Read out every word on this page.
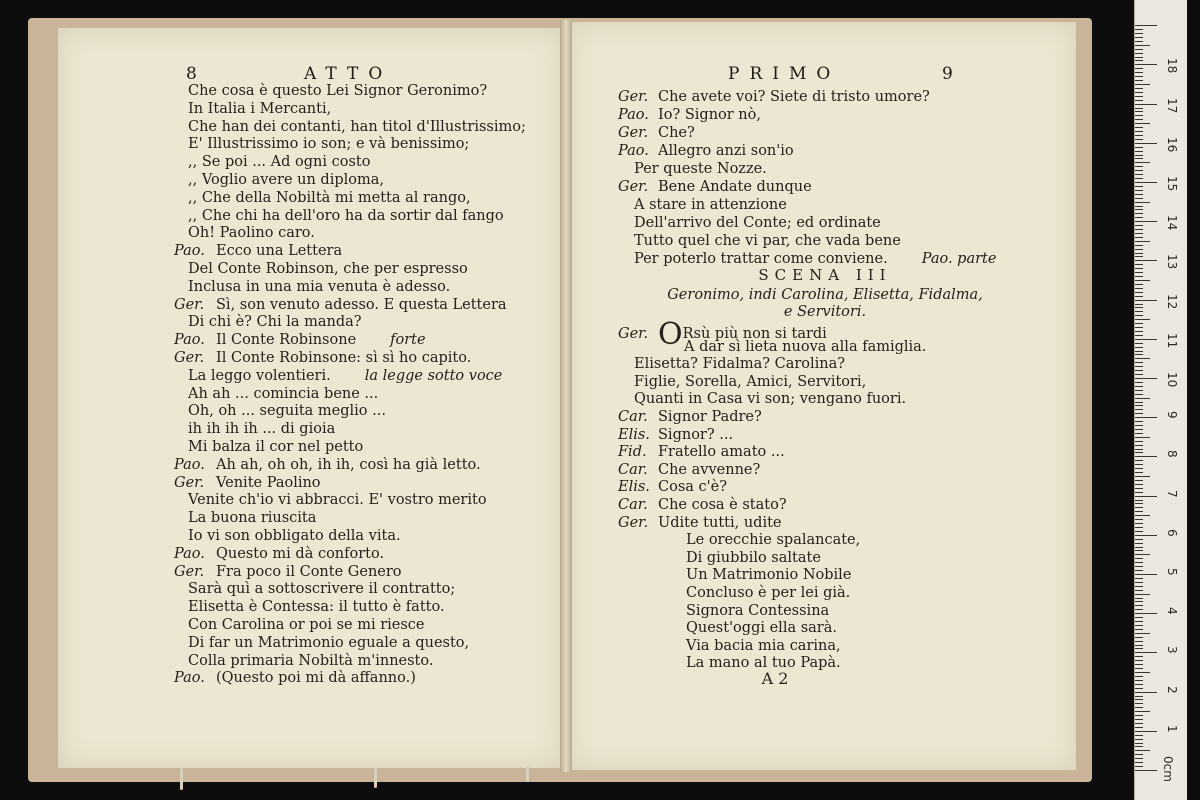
8	ATTO	PRIMO	9
Che cosa è questo Lei Signor Geronimo?
In Italia i Mercanti,
Che han dei contanti, han titol d'Illustrissimo;
E' Illustrissimo io son; e và benissimo;
,, Se poi ... Ad ogni costo
,, Voglio avere un diploma,
,, Che della Nobiltà mi metta al rango,
,, Che chi ha dell'oro ha da sortir dal fango
Oh! Paolino caro.
Pao. Ecco una Lettera
Del Conte Robinson, che per espresso
Inclusa in una mia venuta è adesso.
Ger. Sì, son venuto adesso. E questa Lettera
Di chi è? Chi la manda?
Pao. Il Conte Robinsone forte
Ger. Il Conte Robinsone: sì sì ho capito.
La leggo volentieri. la legge sotto voce
Ah ah ... comincia bene ...
Oh, oh ... seguita meglio ...
ih ih ih ih ... di gioia
Mi balza il cor nel petto
Pao. Ah ah, oh oh, ih ih, così ha già letto.
Ger. Venite Paolino
Venite ch'io vi abbracci. E' vostro merito
La buona riuscita
Io vi son obbligato della vita.
Pao. Questo mi dà conforto.
Ger. Fra poco il Conte Genero
Sarà quì a sottoscrivere il contratto;
Elisetta è Contessa: il tutto è fatto.
Con Carolina or poi se mi riesce
Di far un Matrimonio eguale a questo,
Colla primaria Nobiltà m'innesto.
Pao. (Questo poi mi dà affanno.)
Ger. Che avete voi? Siete di tristo umore?
Pao. Io? Signor nò,
Ger. Che?
Pao. Allegro anzi son'io
Per queste Nozze.
Ger. Bene Andate dunque
A stare in attenzione
Dell'arrivo del Conte; ed ordinate
Tutto quel che vi par, che vada bene
Per poterlo trattar come conviene. Pao. parte
Ger. ORsù più non si tardi
A dar sì lieta nuova alla famiglia.
Elisetta? Fidalma? Carolina?
Figlie, Sorella, Amici, Servitori,
Quanti in Casa vi son; vengano fuori.
Car. Signor Padre?
Elis. Signor? ...
Fid. Fratello amato ...
Car. Che avvenne?
Elis. Cosa c'è?
Car. Che cosa è stato?
Ger. Udite tutti, udite
Le orecchie spalancate,
Di giubbilo saltate
Un Matrimonio Nobile
Concluso è per lei già.
Signora Contessina
Quest'oggi ella sarà.
Via bacia mia carina,
La mano al tuo Papà.
SCENA III
Geronimo, indi Carolina, Elisetta, Fidalma,
e Servitori.
A 2
0cm
1
2
3
4
5
6
7
8
9
10
11
12
13
14
15
16
17
18
